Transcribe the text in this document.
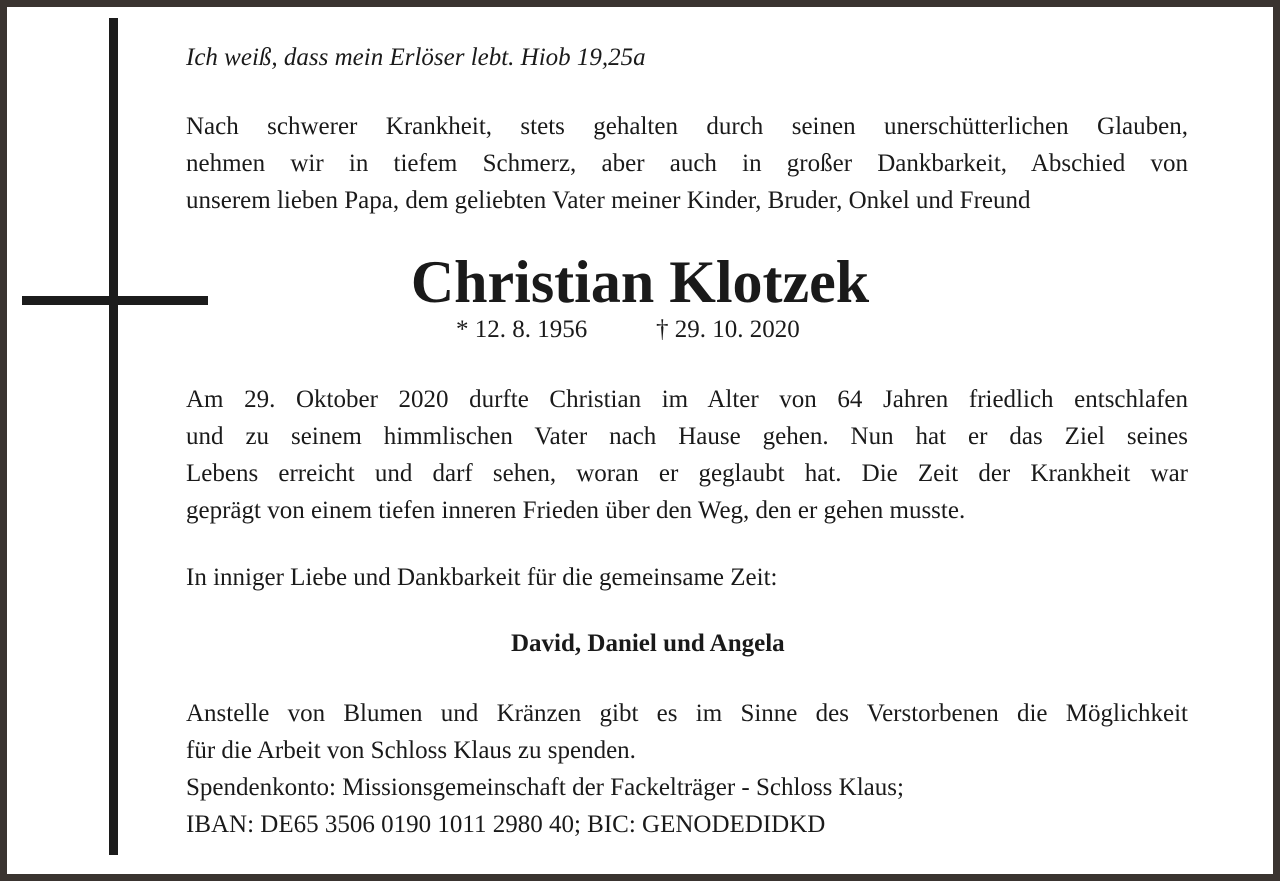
Ich weiß, dass mein Erlöser lebt. Hiob 19,25a
Nach schwerer Krankheit, stets gehalten durch seinen unerschütterlichen Glauben,
nehmen wir in tiefem Schmerz, aber auch in großer Dankbarkeit, Abschied von
unserem lieben Papa, dem geliebten Vater meiner Kinder, Bruder, Onkel und Freund
Christian Klotzek
* 12. 8. 1956	† 29. 10. 2020
Am 29. Oktober 2020 durfte Christian im Alter von 64 Jahren friedlich entschlafen
und zu seinem himmlischen Vater nach Hause gehen. Nun hat er das Ziel seines
Lebens erreicht und darf sehen, woran er geglaubt hat. Die Zeit der Krankheit war
geprägt von einem tiefen inneren Frieden über den Weg, den er gehen musste.
In inniger Liebe und Dankbarkeit für die gemeinsame Zeit:
David, Daniel und Angela
Anstelle von Blumen und Kränzen gibt es im Sinne des Verstorbenen die Möglichkeit
für die Arbeit von Schloss Klaus zu spenden.
Spendenkonto: Missionsgemeinschaft der Fackelträger - Schloss Klaus;
IBAN: DE65 3506 0190 1011 2980 40; BIC: GENODEDIDKD
